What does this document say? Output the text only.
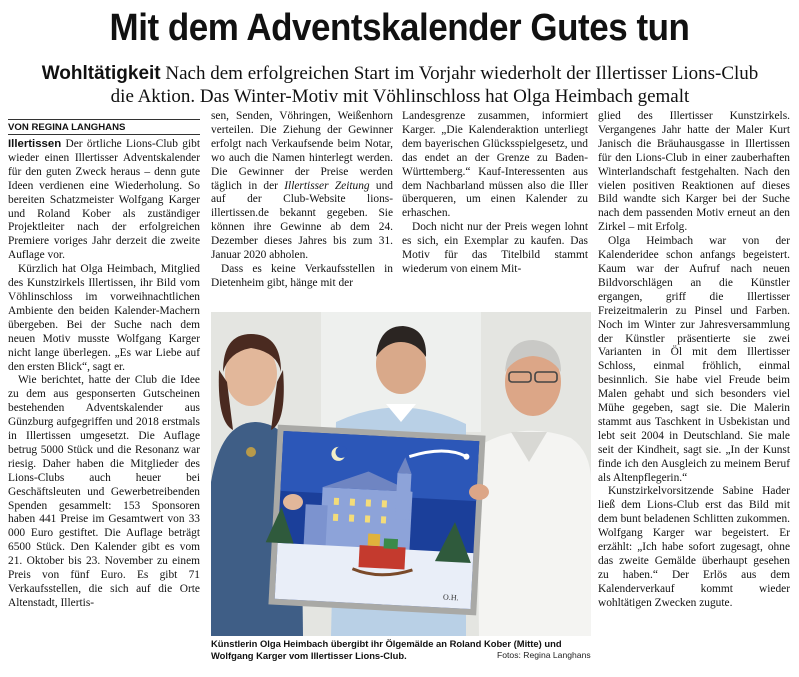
Mit dem Adventskalender Gutes tun
Wohltätigkeit Nach dem erfolgreichen Start im Vorjahr wiederholt der Illertisser Lions-Club
die Aktion. Das Winter-Motiv mit Vöhlinschloss hat Olga Heimbach gemalt
VON REGINA LANGHANS

Illertissen Der örtliche Lions-Club gibt wieder einen Illertisser Adventskalender für den guten Zweck heraus – denn gute Ideen verdienen eine Wiederholung. So bereiten Schatzmeister Wolfgang Karger und Roland Kober als zuständiger Projektleiter nach der erfolgreichen Premiere voriges Jahr derzeit die zweite Auflage vor.

Kürzlich hat Olga Heimbach, Mitglied des Kunstzirkels Illertissen, ihr Bild vom Vöhlinschloss im vorweihnachtlichen Ambiente den beiden Kalender-Machern übergeben. Bei der Suche nach dem neuen Motiv musste Wolfgang Karger nicht lange überlegen. „Es war Liebe auf den ersten Blick“, sagt er.

Wie berichtet, hatte der Club die Idee zu dem aus gesponserten Gutscheinen bestehenden Adventskalender aus Günzburg aufgegriffen und 2018 erstmals in Illertissen umgesetzt. Die Auflage betrug 5000 Stück und die Resonanz war riesig. Daher haben die Mitglieder des Lions-Clubs auch heuer bei Geschäftsleuten und Gewerbetreibenden Spenden gesammelt: 153 Sponsoren haben 441 Preise im Gesamtwert von 33 000 Euro gestiftet. Die Auflage beträgt 6500 Stück. Den Kalender gibt es vom 21. Oktober bis 23. November zu einem Preis von fünf Euro. Es gibt 71 Verkaufsstellen, die sich auf die Orte Altenstadt, Illertis-

sen, Senden, Vöhringen, Weißenhorn verteilen. Die Ziehung der Gewinner erfolgt nach Verkaufsende beim Notar, wo auch die Namen hinterlegt werden. Die Gewinner der Preise werden täglich in der Illertisser Zeitung und auf der Club-Website lions-illertissen.de bekannt gegeben. Sie können ihre Gewinne ab dem 24. Dezember dieses Jahres bis zum 31. Januar 2020 abholen.

Dass es keine Verkaufsstellen in Dietenheim gibt, hänge mit der

Landesgrenze zusammen, informiert Karger. „Die Kalenderaktion unterliegt dem bayerischen Glücksspielgesetz, und das endet an der Grenze zu Baden-Württemberg.“ Kauf-Interessenten aus dem Nachbarland müssen also die Iller überqueren, um einen Kalender zu erhaschen.

Doch nicht nur der Preis wegen lohnt es sich, ein Exemplar zu kaufen. Das Motiv für das Titelbild stammt wiederum von einem Mit-

glied des Illertisser Kunstzirkels. Vergangenes Jahr hatte der Maler Kurt Janisch die Bräuhausgasse in Illertissen für den Lions-Club in einer zauberhaften Winterlandschaft festgehalten. Nach den vielen positiven Reaktionen auf dieses Bild wandte sich Karger bei der Suche nach dem passenden Motiv erneut an den Zirkel – mit Erfolg.

Olga Heimbach war von der Kalenderidee schon anfangs begeistert. Kaum war der Aufruf nach neuen Bildvorschlägen an die Künstler ergangen, griff die Illertisser Freizeitmalerin zu Pinsel und Farben. Noch im Winter zur Jahresversammlung der Künstler präsentierte sie zwei Varianten in Öl mit dem Illertisser Schloss, einmal fröhlich, einmal besinnlich. Sie habe viel Freude beim Malen gehabt und sich besonders viel Mühe gegeben, sagt sie. Die Malerin stammt aus Taschkent in Usbekistan und lebt seit 2004 in Deutschland. Sie male seit der Kindheit, sagt sie. „In der Kunst finde ich den Ausgleich zu meinem Beruf als Altenpflegerin.“

Kunstzirkelvorsitzende Sabine Hader ließ dem Lions-Club erst das Bild mit dem bunt beladenen Schlitten zukommen. Wolfgang Karger war begeistert. Er erzählt: „Ich habe sofort zugesagt, ohne das zweite Gemälde überhaupt gesehen zu haben.“ Der Erlös aus dem Kalenderverkauf kommt wieder wohltätigen Zwecken zugute.

O.H.
Künstlerin Olga Heimbach übergibt ihr Ölgemälde an Roland Kober (Mitte) und Wolfgang Karger vom Illertisser Lions-Club.	Fotos: Regina Langhans
